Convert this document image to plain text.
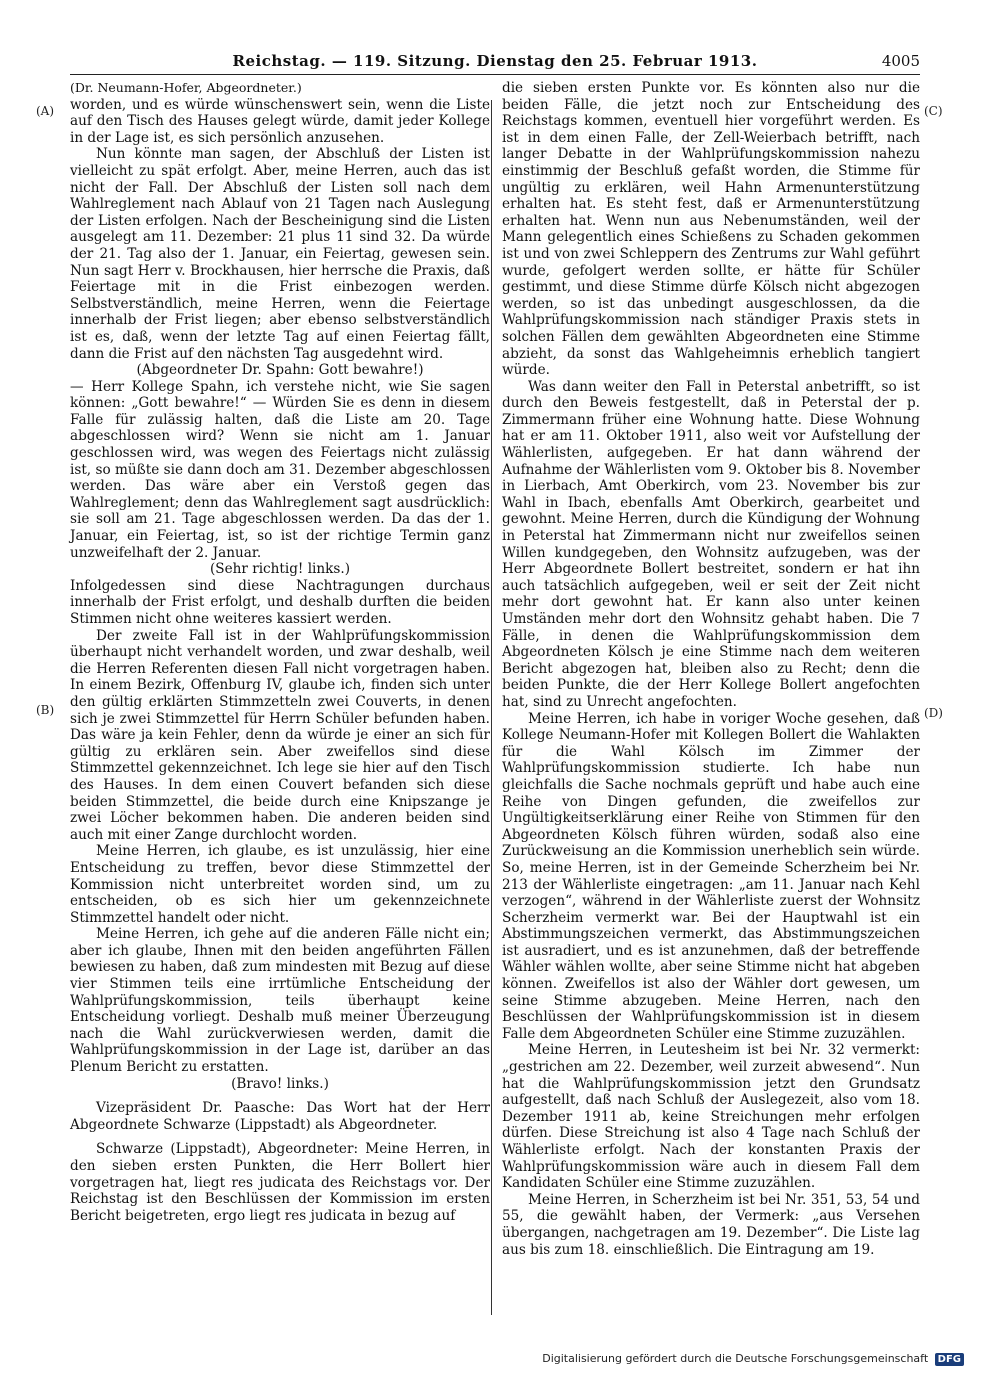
Reichstag. — 119. Sitzung. Dienstag den 25. Februar 1913.	4005
(A)
(B)
(C)
(D)

(Dr. Neumann-Hofer, Abgeordneter.)

worden, und es würde wünschenswert sein, wenn die Liste auf den Tisch des Hauses gelegt würde, damit jeder Kollege in der Lage ist, es sich persönlich anzusehen.

Nun könnte man sagen, der Abschluß der Listen ist vielleicht zu spät erfolgt. Aber, meine Herren, auch das ist nicht der Fall. Der Abschluß der Listen soll nach dem Wahlreglement nach Ablauf von 21 Tagen nach Auslegung der Listen erfolgen. Nach der Bescheinigung sind die Listen ausgelegt am 11. Dezember: 21 plus 11 sind 32. Da würde der 21. Tag also der 1. Januar, ein Feiertag, gewesen sein. Nun sagt Herr v. Brockhausen, hier herrsche die Praxis, daß Feiertage mit in die Frist einbezogen werden. Selbstverständlich, meine Herren, wenn die Feiertage innerhalb der Frist liegen; aber ebenso selbstverständlich ist es, daß, wenn der letzte Tag auf einen Feiertag fällt, dann die Frist auf den nächsten Tag ausgedehnt wird.

(Abgeordneter Dr. Spahn: Gott bewahre!)

— Herr Kollege Spahn, ich verstehe nicht, wie Sie sagen können: „Gott bewahre!“ — Würden Sie es denn in diesem Falle für zulässig halten, daß die Liste am 20. Tage abgeschlossen wird? Wenn sie nicht am 1. Januar geschlossen wird, was wegen des Feiertags nicht zulässig ist, so müßte sie dann doch am 31. Dezember abgeschlossen werden. Das wäre aber ein Verstoß gegen das Wahlreglement; denn das Wahlreglement sagt ausdrücklich: sie soll am 21. Tage abgeschlossen werden. Da das der 1. Januar, ein Feiertag, ist, so ist der richtige Termin ganz unzweifelhaft der 2. Januar.

(Sehr richtig! links.)

Infolgedessen sind diese Nachtragungen durchaus innerhalb der Frist erfolgt, und deshalb durften die beiden Stimmen nicht ohne weiteres kassiert werden.

Der zweite Fall ist in der Wahlprüfungskommission überhaupt nicht verhandelt worden, und zwar deshalb, weil die Herren Referenten diesen Fall nicht vorgetragen haben. In einem Bezirk, Offenburg IV, glaube ich, finden sich unter den gültig erklärten Stimmzetteln zwei Couverts, in denen sich je zwei Stimmzettel für Herrn Schüler befunden haben. Das wäre ja kein Fehler, denn da würde je einer an sich für gültig zu erklären sein. Aber zweifellos sind diese Stimmzettel gekennzeichnet. Ich lege sie hier auf den Tisch des Hauses. In dem einen Couvert befanden sich diese beiden Stimmzettel, die beide durch eine Knipszange je zwei Löcher bekommen haben. Die anderen beiden sind auch mit einer Zange durchlocht worden.

Meine Herren, ich glaube, es ist unzulässig, hier eine Entscheidung zu treffen, bevor diese Stimmzettel der Kommission nicht unterbreitet worden sind, um zu entscheiden, ob es sich hier um gekennzeichnete Stimmzettel handelt oder nicht.

Meine Herren, ich gehe auf die anderen Fälle nicht ein; aber ich glaube, Ihnen mit den beiden angeführten Fällen bewiesen zu haben, daß zum mindesten mit Bezug auf diese vier Stimmen teils eine irrtümliche Entscheidung der Wahlprüfungskommission, teils überhaupt keine Entscheidung vorliegt. Deshalb muß meiner Überzeugung nach die Wahl zurückverwiesen werden, damit die Wahlprüfungskommission in der Lage ist, darüber an das Plenum Bericht zu erstatten.

(Bravo! links.)

Vizepräsident Dr. Paasche: Das Wort hat der Herr Abgeordnete Schwarze (Lippstadt) als Abgeordneter.

Schwarze (Lippstadt), Abgeordneter: Meine Herren, in den sieben ersten Punkten, die Herr Bollert hier vorgetragen hat, liegt res judicata des Reichstags vor. Der Reichstag ist den Beschlüssen der Kommission im ersten Bericht beigetreten, ergo liegt res judicata in bezug auf

die sieben ersten Punkte vor. Es könnten also nur die beiden Fälle, die jetzt noch zur Entscheidung des Reichstags kommen, eventuell hier vorgeführt werden. Es ist in dem einen Falle, der Zell-Weierbach betrifft, nach langer Debatte in der Wahlprüfungskommission nahezu einstimmig der Beschluß gefaßt worden, die Stimme für ungültig zu erklären, weil Hahn Armenunterstützung erhalten hat. Es steht fest, daß er Armenunterstützung erhalten hat. Wenn nun aus Nebenumständen, weil der Mann gelegentlich eines Schießens zu Schaden gekommen ist und von zwei Schleppern des Zentrums zur Wahl geführt wurde, gefolgert werden sollte, er hätte für Schüler gestimmt, und diese Stimme dürfe Kölsch nicht abgezogen werden, so ist das unbedingt ausgeschlossen, da die Wahlprüfungskommission nach ständiger Praxis stets in solchen Fällen dem gewählten Abgeordneten eine Stimme abzieht, da sonst das Wahlgeheimnis erheblich tangiert würde.

Was dann weiter den Fall in Peterstal anbetrifft, so ist durch den Beweis festgestellt, daß in Peterstal der p. Zimmermann früher eine Wohnung hatte. Diese Wohnung hat er am 11. Oktober 1911, also weit vor Aufstellung der Wählerlisten, aufgegeben. Er hat dann während der Aufnahme der Wählerlisten vom 9. Oktober bis 8. November in Lierbach, Amt Oberkirch, vom 23. November bis zur Wahl in Ibach, ebenfalls Amt Oberkirch, gearbeitet und gewohnt. Meine Herren, durch die Kündigung der Wohnung in Peterstal hat Zimmermann nicht nur zweifellos seinen Willen kundgegeben, den Wohnsitz aufzugeben, was der Herr Abgeordnete Bollert bestreitet, sondern er hat ihn auch tatsächlich aufgegeben, weil er seit der Zeit nicht mehr dort gewohnt hat. Er kann also unter keinen Umständen mehr dort den Wohnsitz gehabt haben. Die 7 Fälle, in denen die Wahlprüfungskommission dem Abgeordneten Kölsch je eine Stimme nach dem weiteren Bericht abgezogen hat, bleiben also zu Recht; denn die beiden Punkte, die der Herr Kollege Bollert angefochten hat, sind zu Unrecht angefochten.

Meine Herren, ich habe in voriger Woche gesehen, daß Kollege Neumann-Hofer mit Kollegen Bollert die Wahlakten für die Wahl Kölsch im Zimmer der Wahlprüfungskommission studierte. Ich habe nun gleichfalls die Sache nochmals geprüft und habe auch eine Reihe von Dingen gefunden, die zweifellos zur Ungültigkeitserklärung einer Reihe von Stimmen für den Abgeordneten Kölsch führen würden, sodaß also eine Zurückweisung an die Kommission unerheblich sein würde. So, meine Herren, ist in der Gemeinde Scherzheim bei Nr. 213 der Wählerliste eingetragen: „am 11. Januar nach Kehl verzogen“, während in der Wählerliste zuerst der Wohnsitz Scherzheim vermerkt war. Bei der Hauptwahl ist ein Abstimmungszeichen vermerkt, das Abstimmungszeichen ist ausradiert, und es ist anzunehmen, daß der betreffende Wähler wählen wollte, aber seine Stimme nicht hat abgeben können. Zweifellos ist also der Wähler dort gewesen, um seine Stimme abzugeben. Meine Herren, nach den Beschlüssen der Wahlprüfungskommission ist in diesem Falle dem Abgeordneten Schüler eine Stimme zuzuzählen.

Meine Herren, in Leutesheim ist bei Nr. 32 vermerkt: „gestrichen am 22. Dezember, weil zurzeit abwesend“. Nun hat die Wahlprüfungskommission jetzt den Grundsatz aufgestellt, daß nach Schluß der Auslegezeit, also vom 18. Dezember 1911 ab, keine Streichungen mehr erfolgen dürfen. Diese Streichung ist also 4 Tage nach Schluß der Wählerliste erfolgt. Nach der konstanten Praxis der Wahlprüfungskommission wäre auch in diesem Fall dem Kandidaten Schüler eine Stimme zuzuzählen.

Meine Herren, in Scherzheim ist bei Nr. 351, 53, 54 und 55, die gewählt haben, der Vermerk: „aus Versehen übergangen, nachgetragen am 19. Dezember“. Die Liste lag aus bis zum 18. einschließlich. Die Eintragung am 19.

Digitalisierung gefördert durch die Deutsche Forschungsgemeinschaft DFG
